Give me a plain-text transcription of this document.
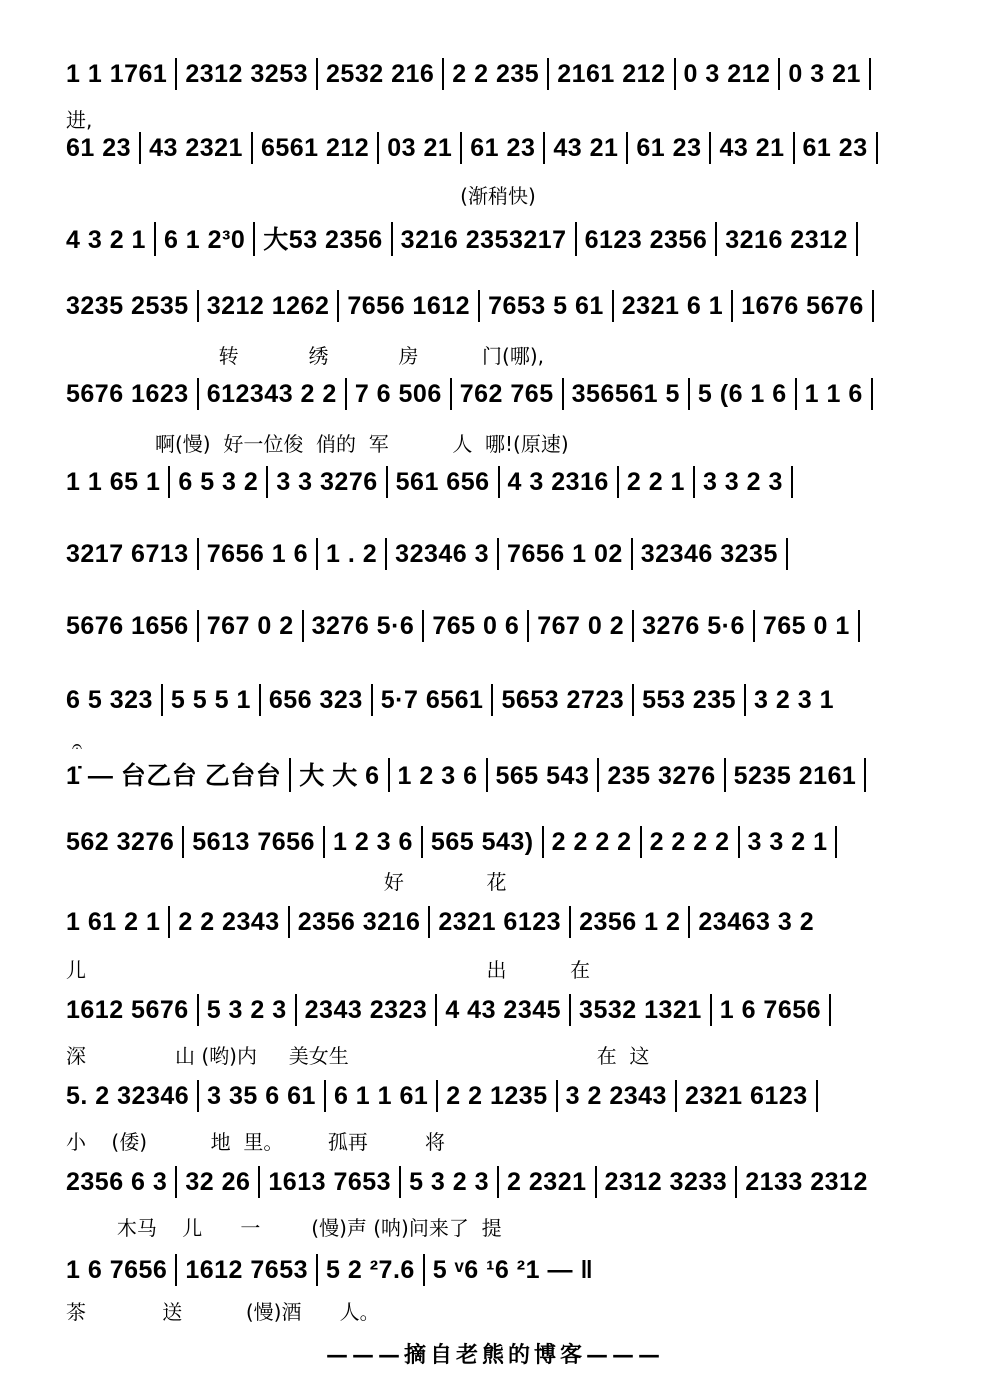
1 1 1761 2312 3253 2532 216 2 2 235 2161 212 0 3 212 0 3 21
进,
61 23 43 2321 6561 212 03 21 61 23 43 21 61 23 43 21 61 23
(渐稍快)
4 3 2 1 6 1 2³0 大53 2356 3216 2353217 6123 2356 3216 2312
3235 2535 3212 1262 7656 1612 7653 5 61 2321 6 1 1676 5676
转           绣           房          门(哪),
5676 1623 612343 2 2 7 6 506 762 765 356561 5 5 (6 1 6 1 1 6
啊(慢)  好一位俊  俏的  军          人  哪!(原速)
1 1 65 1 6 5 3 2 3 3 3276 561 656 4 3 2316 2 2 1 3 3 2 3
3217 6713 7656 1 6 1 . 2 32346 3 7656 1 02 32346 3235
5676 1656 767 0 2 3276 5·6 765 0 6 767 0 2 3276 5·6 765 0 1
6 5 323 5 5 5 1 656 323 5·7 6561 5653 2723 553 235 3 2 3 1
𝄐
1̇ — 台乙台 乙台台 大 大 6 1 2 3 6 565 543 235 3276 5235 2161
562 3276 5613 7656 1 2 3 6 565 543) 2 2 2 2 2 2 2 2 3 3 2 1
好             花
1 61 2 1 2 2 2343 2356 3216 2321 6123 2356 1 2 23463 3 2
儿                                                               出          在
1612 5676 5 3 2 3 2343 2323 4 43 2345 3532 1321 1 6 7656
深              山 (哟)内     美女生                                       在  这
5. 2 32346 3 35 6 61 6 1 1 61 2 2 1235 3 2 2343 2321 6123
小    (倭)          地  里。       孤再         将
2356 6 3 32 26 1613 7653 5 3 2 3 2 2321 2312 3233 2133 2312
木马    儿      一        (慢)声 (呐)问来了  提
1 6 7656 1612 7653 5 2 ²7.6 5 ᵛ6 ¹6 ²1 — ‖
茶            送          (慢)酒      人。
———摘自老熊的博客———
